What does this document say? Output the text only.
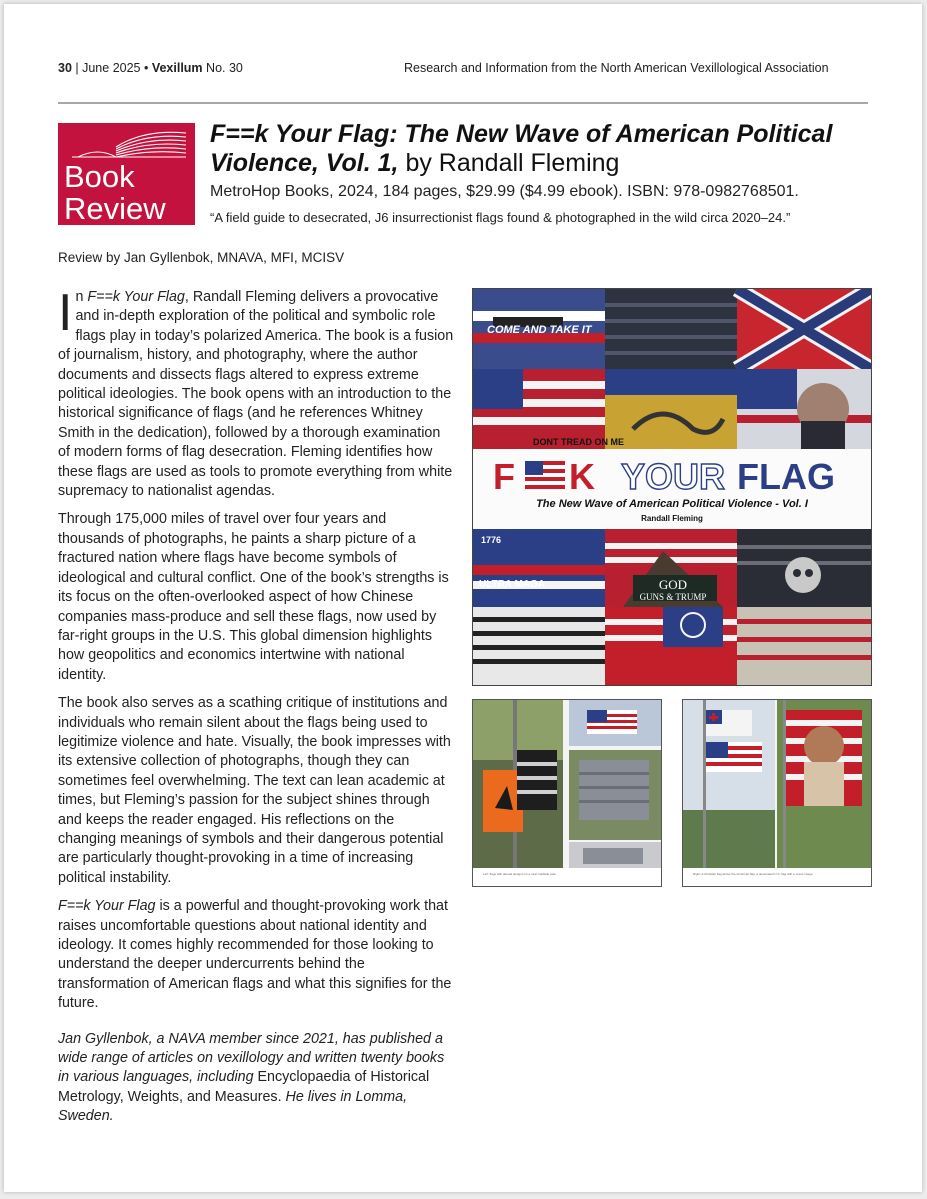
30 | June 2025 • Vexillum No. 30	Research and Information from the North American Vexillological Association
Book
Review
F==k Your Flag: The New Wave of American Political Violence, Vol. 1, by Randall Fleming
MetroHop Books, 2024, 184 pages, $29.99 ($4.99 ebook). ISBN: 978-0982768501.
“A field guide to desecrated, J6 insurrectionist flags found & photographed in the wild circa 2020–24.”
Review by Jan Gyllenbok, MNAVA, MFI, MCISV

In F==k Your Flag, Randall Fleming delivers a provocative and in-depth exploration of the political and symbolic role flags play in today’s polarized America. The book is a fusion of journalism, history, and photography, where the author documents and dissects flags altered to express extreme political ideologies. The book opens with an introduction to the historical significance of flags (and he references Whitney Smith in the dedication), followed by a thorough examination of modern forms of flag desecration. Fleming identifies how these flags are used as tools to promote everything from white supremacy to nationalist agendas.

Through 175,000 miles of travel over four years and thousands of photographs, he paints a sharp picture of a fractured nation where flags have become symbols of ideological and cultural conflict. One of the book’s strengths is its focus on the often-overlooked aspect of how Chinese companies mass-produce and sell these flags, now used by far-right groups in the U.S. This global dimension highlights how geopolitics and economics intertwine with national identity.

The book also serves as a scathing critique of institutions and individuals who remain silent about the flags being used to legitimize violence and hate. Visually, the book impresses with its extensive collection of photographs, though they can sometimes feel overwhelming. The text can lean academic at times, but Fleming’s passion for the subject shines through and keeps the reader engaged. His reflections on the changing meanings of symbols and their dangerous potential are particularly thought-provoking in a time of increasing political instability.

F==k Your Flag is a powerful and thought-provoking work that raises uncomfortable questions about national identity and ideology. It comes highly recommended for those looking to understand the deeper undercurrents behind the transformation of American flags and what this signifies for the future.

Jan Gyllenbok, a NAVA member since 2021, has published a wide range of articles on vexillology and written twenty books in various languages, including Encyclopaedia of Historical Metrology, Weights, and Measures. He lives in Lomma, Sweden.

COME AND TAKE IT
DONT TREAD ON ME
F K YOUR FLAG
The New Wave of American Political Violence - Vol. I
Randall Fleming
1776
ULTRA MAGA	GOD
GUNS & TRUMP
Left: flags with altered designs on a rural roadside pole.	Right: A Christian flag above the American flag; a desecrated U.S. flag with a Jesus image.
